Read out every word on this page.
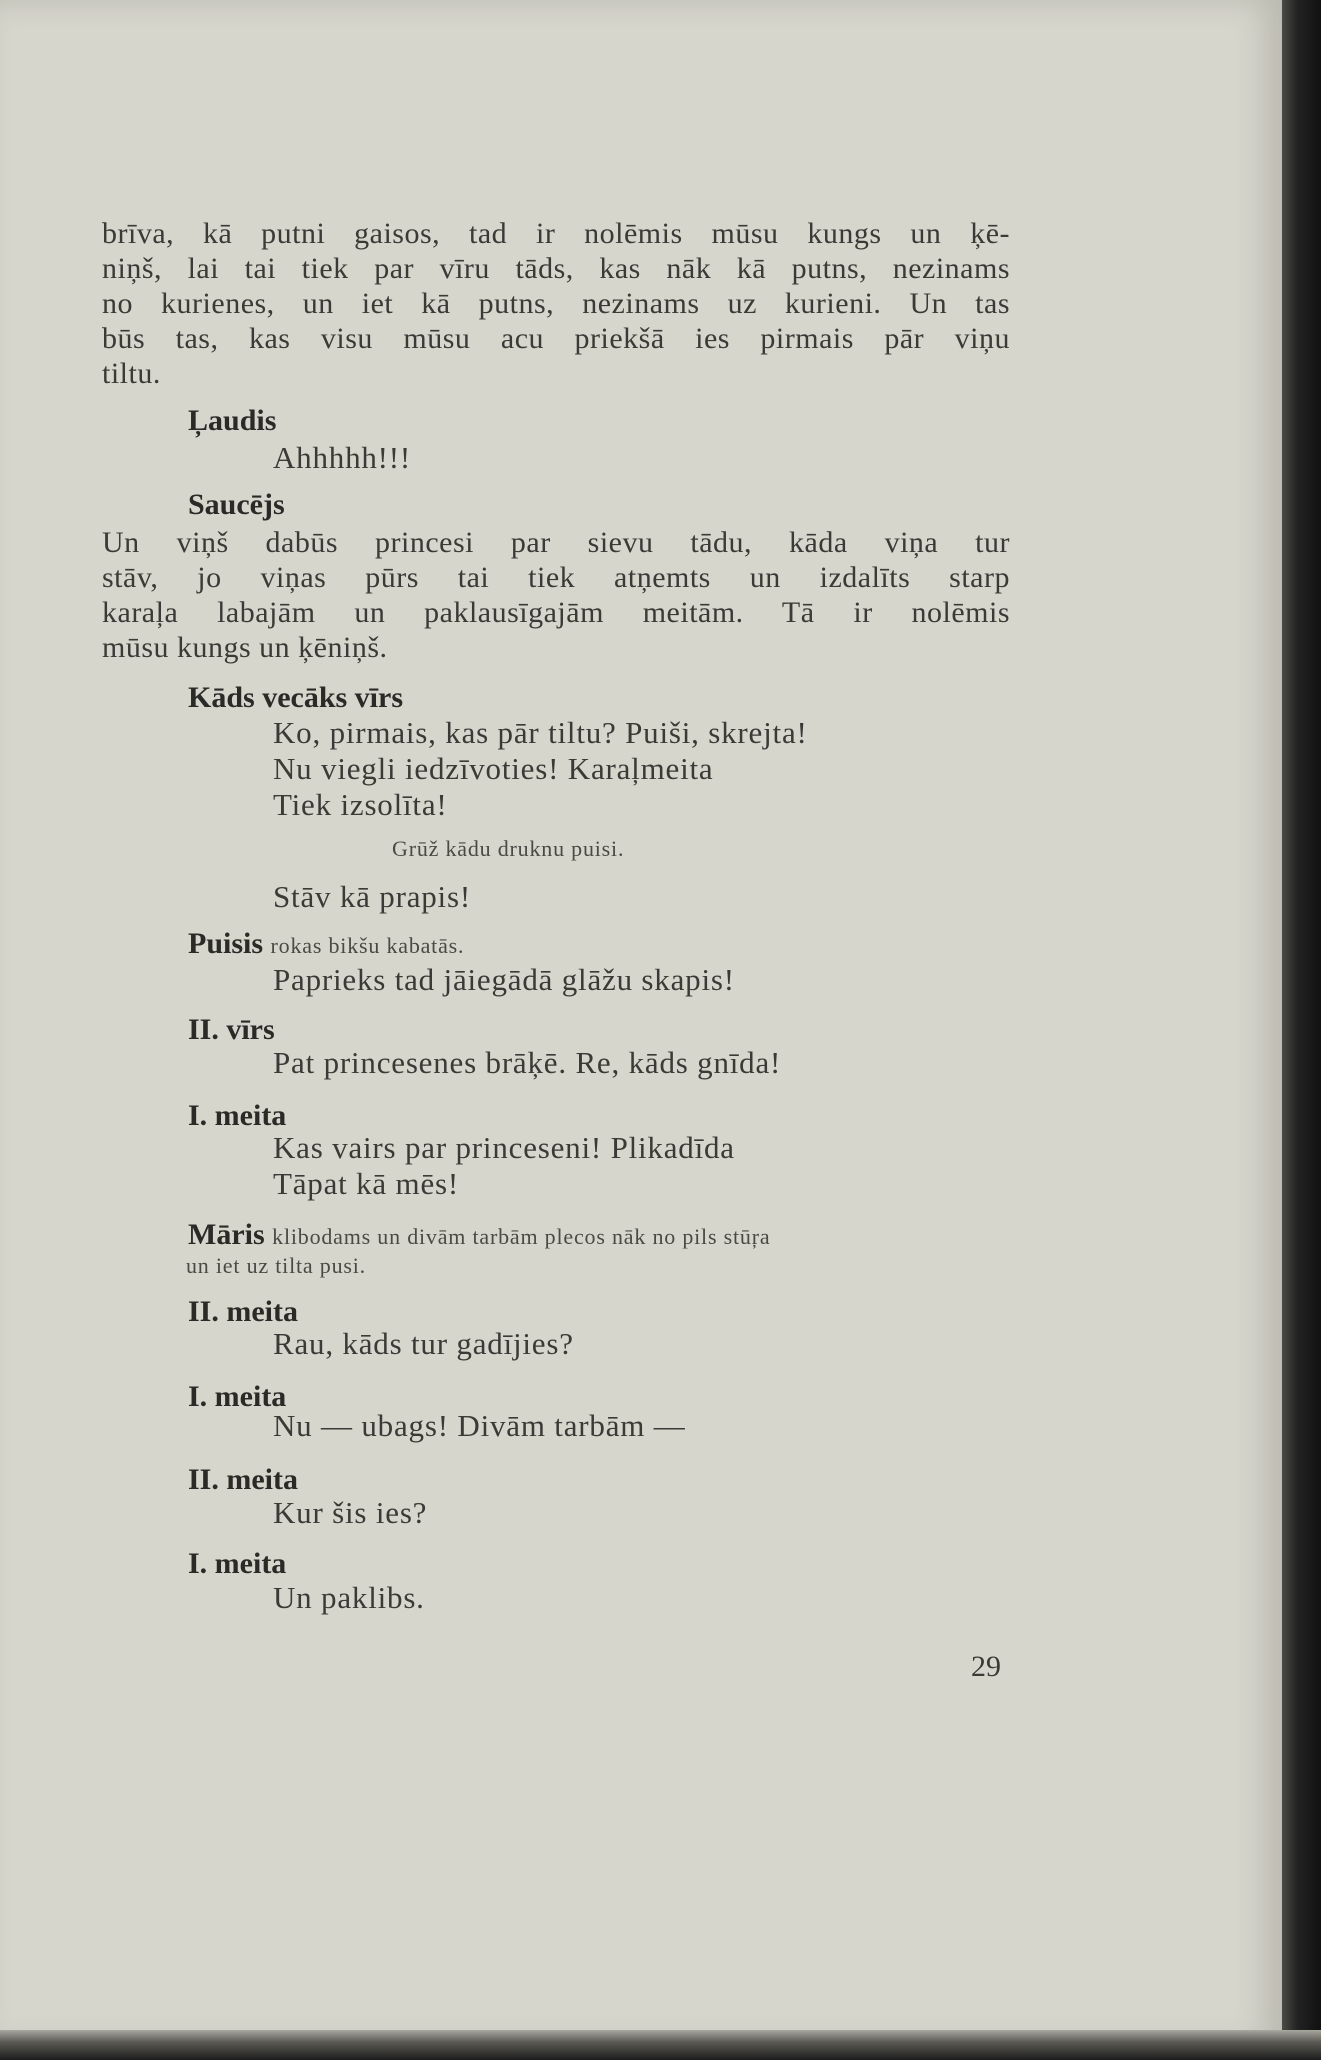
brīva, kā putni gaisos, tad ir nolēmis mūsu kungs un ķē-
niņš, lai tai tiek par vīru tāds, kas nāk kā putns, nezinams
no kurienes, un iet kā putns, nezinams uz kurieni. Un tas
būs tas, kas visu mūsu acu priekšā ies pirmais pār viņu
tiltu.
Ļaudis
Ahhhhh!!!
Saucējs
Un viņš dabūs princesi par sievu tādu, kāda viņa tur
stāv, jo viņas pūrs tai tiek atņemts un izdalīts starp
karaļa labajām un paklausīgajām meitām. Tā ir nolēmis
mūsu kungs un ķēniņš.
Kāds vecāks vīrs
Ko, pirmais, kas pār tiltu? Puiši, skrejta!
Nu viegli iedzīvoties! Karaļmeita
Tiek izsolīta!
Grūž kādu druknu puisi.
Stāv kā prapis!
Puisis rokas bikšu kabatās.
Paprieks tad jāiegādā glāžu skapis!
II. vīrs
Pat princesenes brāķē. Re, kāds gnīda!
I. meita
Kas vairs par princeseni! Plikadīda
Tāpat kā mēs!
Māris klibodams un divām tarbām plecos nāk no pils stūŗa
un iet uz tilta pusi.
II. meita
Rau, kāds tur gadījies?
I. meita
Nu — ubags! Divām tarbām —
II. meita
Kur šis ies?
I. meita
Un paklibs.
29
